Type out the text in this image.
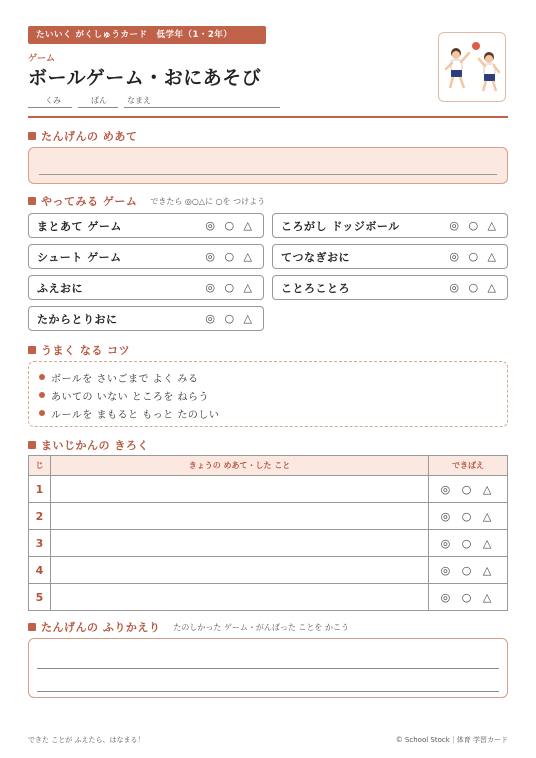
たいいく がくしゅうカード　低学年（1・2年）
ゲーム
ボールゲーム・おにあそび
くみ	ばん	なまえ
たんげんの めあて
やってみる ゲーム できたら ◎○△に ○を つけよう
まとあて ゲーム	◎ ○ △ ころがし ドッジボール	◎ ○ △
シュート ゲーム	◎ ○ △ てつなぎおに	◎ ○ △
ふえおに	◎ ○ △ ことろことろ	◎ ○ △
たからとりおに	◎ ○ △
うまく なる コツ
ボールを さいごまで よく みる
あいての いない ところを ねらう
ルールを まもると もっと たのしい
まいじかんの きろく
じ	きょうの めあて・した こと	できばえ
1		◎ ○ △
2		◎ ○ △
3		◎ ○ △
4		◎ ○ △
5		◎ ○ △
たんげんの ふりかえり たのしかった ゲーム・がんばった ことを かこう
できた ことが ふえたら、はなまる！	© School Stock｜体育 学習カード
